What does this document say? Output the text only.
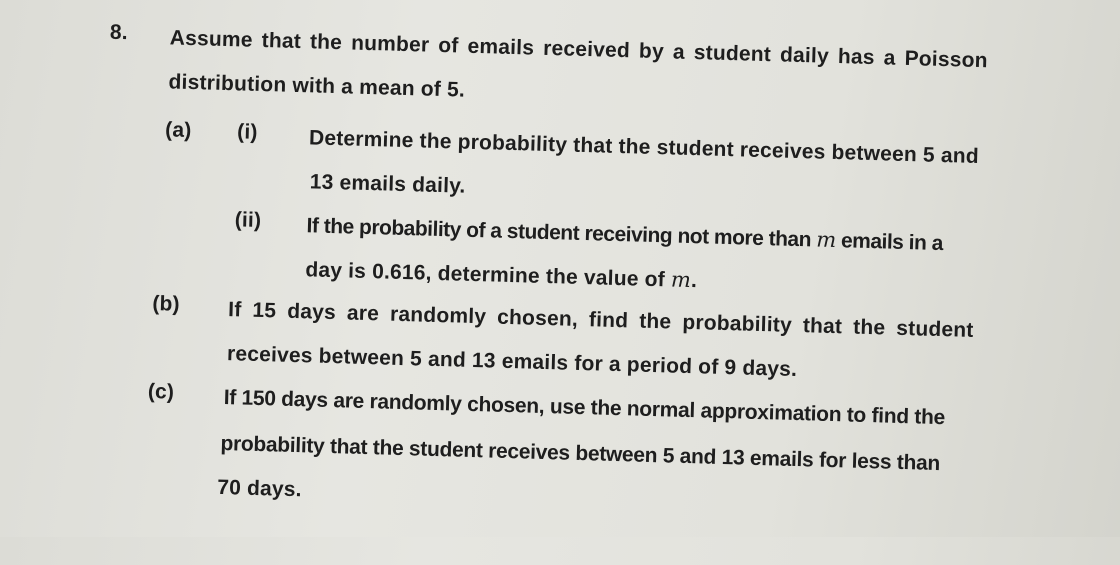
8. Assume that the number of emails received by a student daily has a Poisson
distribution with a mean of 5.
(a) (i) Determine the probability that the student receives between 5 and
13 emails daily.
(ii) If the probability of a student receiving not more than m emails in a
day is 0.616, determine the value of m.
(b) If 15 days are randomly chosen, find the probability that the student
receives between 5 and 13 emails for a period of 9 days.
(c) If 150 days are randomly chosen, use the normal approximation to find the
probability that the student receives between 5 and 13 emails for less than
70 days.
